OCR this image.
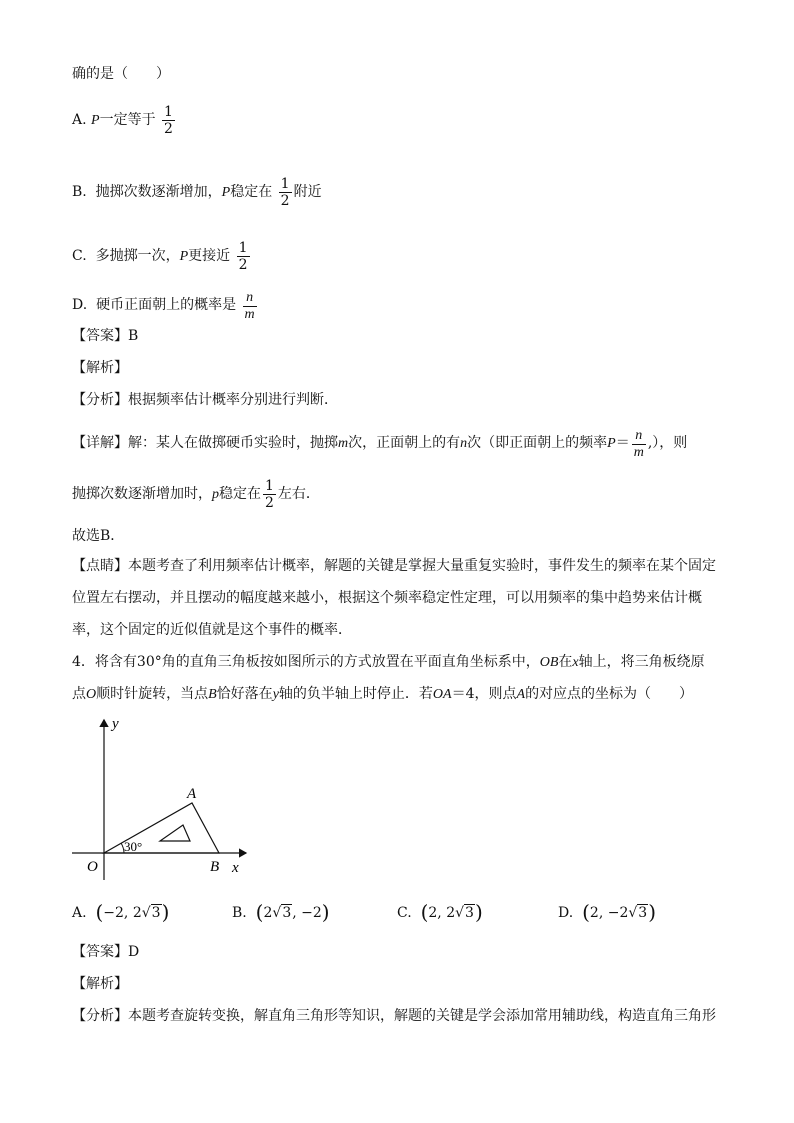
确的是（　　）
A. P一定等于 $\frac{1}{2}$
B. 抛掷次数逐渐增加，P稳定在 $\frac{1}{2}$ 附近
C. 多抛掷一次，P更接近 $\frac{1}{2}$
D. 硬币正面朝上的概率是 $\frac{n}{m}$
【答案】B
【解析】
【分析】根据频率估计概率分别进行判断．
【详解】解：某人在做掷硬币实验时，抛掷m次，正面朝上的有n次（即正面朝上的频率$P= \frac{n}{m}$ ,），则
抛掷次数逐渐增加时，p稳定在 $\frac{1}{2}$ 左右．
故选B．
【点睛】本题考查了利用频率估计概率，解题的关键是掌握大量重复实验时，事件发生的频率在某个固定
位置左右摆动，并且摆动的幅度越来越小，根据这个频率稳定性定理，可以用频率的集中趋势来估计概
率，这个固定的近似值就是这个事件的概率．
4．将含有30°角的直角三角板按如图所示的方式放置在平面直角坐标系中，OB在x轴上，将三角板绕原
点O顺时针旋转，当点B恰好落在y轴的负半轴上时停止．若OA＝4，则点A的对应点的坐标为（　　）
y
x
O
A
B
30°
A. (−2, 2√3)	B. (2√3, −2)	C. (2, 2√3)	D. (2, −2√3)
【答案】D
【解析】
【分析】本题考查旋转变换，解直角三角形等知识，解题的关键是学会添加常用辅助线，构造直角三角形
